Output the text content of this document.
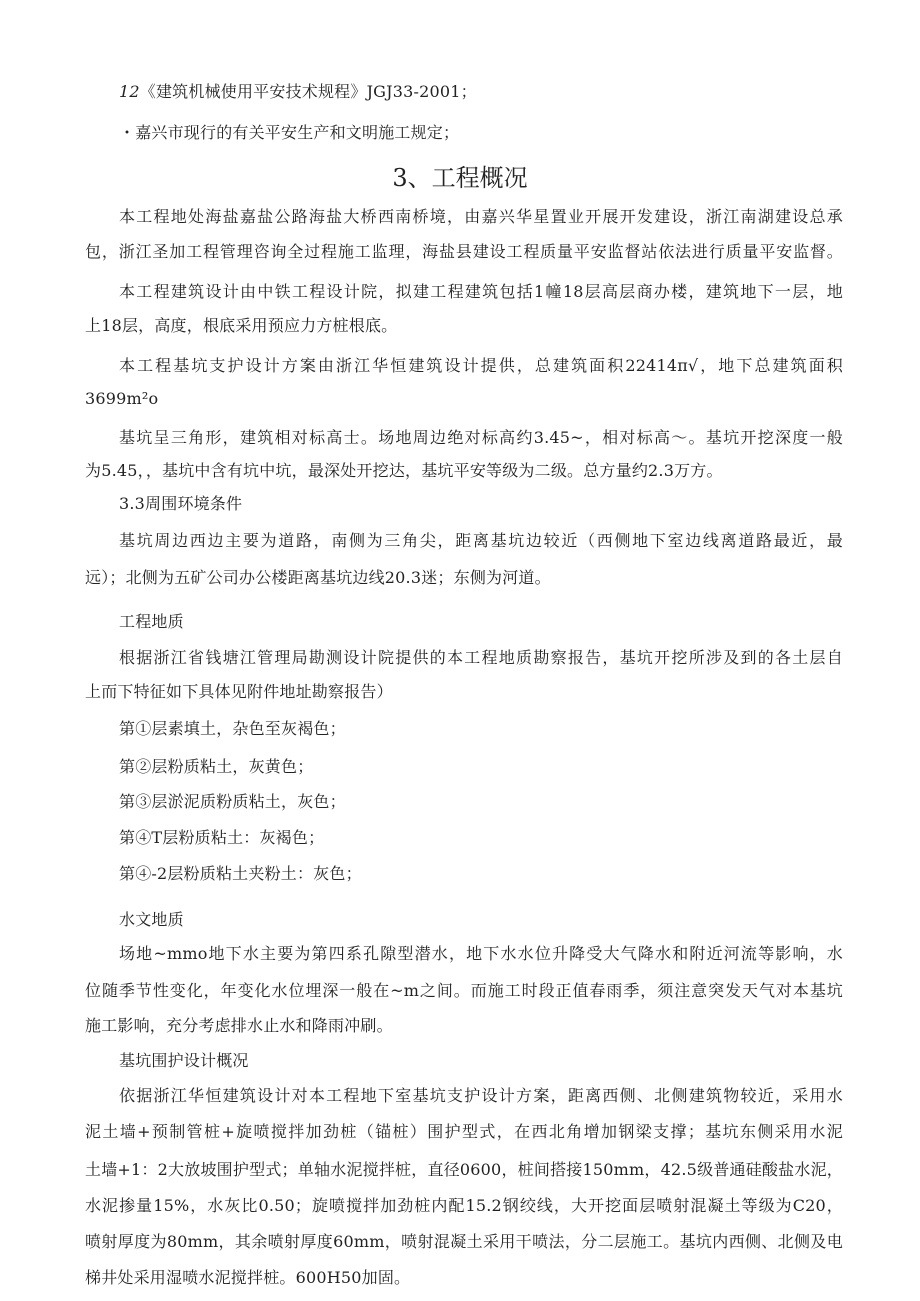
12《建筑机械使用平安技术规程》JGJ33-2001；
・嘉兴市现行的有关平安生产和文明施工规定；
3、工程概况
本工程地处海盐嘉盐公路海盐大桥西南桥境，由嘉兴华星置业开展开发建设，浙江南湖建设总承
包，浙江圣加工程管理咨询全过程施工监理，海盐县建设工程质量平安监督站依法进行质量平安监督。
本工程建筑设计由中铁工程设计院，拟建工程建筑包括1幢18层高层商办楼，建筑地下一层，地
上18层，高度，根底采用预应力方桩根底。
本工程基坑支护设计方案由浙江华恒建筑设计提供，总建筑面积22414π√，地下总建筑面积
3699m²o
基坑呈三角形，建筑相对标高士。场地周边绝对标高约3.45~，相对标高～。基坑开挖深度一般
为5.45，，基坑中含有坑中坑，最深处开挖达，基坑平安等级为二级。总方量约2.3万方。
3.3周围环境条件
基坑周边西边主要为道路，南侧为三角尖，距离基坑边较近（西侧地下室边线离道路最近，最
远）；北侧为五矿公司办公楼距离基坑边线20.3迷；东侧为河道。
工程地质
根据浙江省钱塘江管理局勘测设计院提供的本工程地质勘察报告，基坑开挖所涉及到的各土层自
上而下特征如下具体见附件地址勘察报告）
第①层素填土，杂色至灰褐色；
第②层粉质粘土，灰黄色；
第③层淤泥质粉质粘土，灰色；
第④T层粉质粘土：灰褐色；
第④-2层粉质粘土夹粉土：灰色；
水文地质
场地~mmo地下水主要为第四系孔隙型潜水，地下水水位升降受大气降水和附近河流等影响，水
位随季节性变化，年变化水位埋深一般在~m之间。而施工时段正值春雨季，须注意突发天气对本基坑
施工影响，充分考虑排水止水和降雨冲刷。
基坑围护设计概况
依据浙江华恒建筑设计对本工程地下室基坑支护设计方案，距离西侧、北侧建筑物较近，采用水
泥土墙+预制管桩+旋喷搅拌加劲桩（锚桩）围护型式，在西北角增加钢梁支撑；基坑东侧采用水泥
土墙+1：2大放坡围护型式；单轴水泥搅拌桩，直径0600，桩间搭接150mm，42.5级普通硅酸盐水泥，
水泥掺量15%，水灰比0.50；旋喷搅拌加劲桩内配15.2钢绞线，大开挖面层喷射混凝土等级为C20，
喷射厚度为80mm，其余喷射厚度60mm，喷射混凝土采用干喷法，分二层施工。基坑内西侧、北侧及电
梯井处采用湿喷水泥搅拌桩。600H50加固。
